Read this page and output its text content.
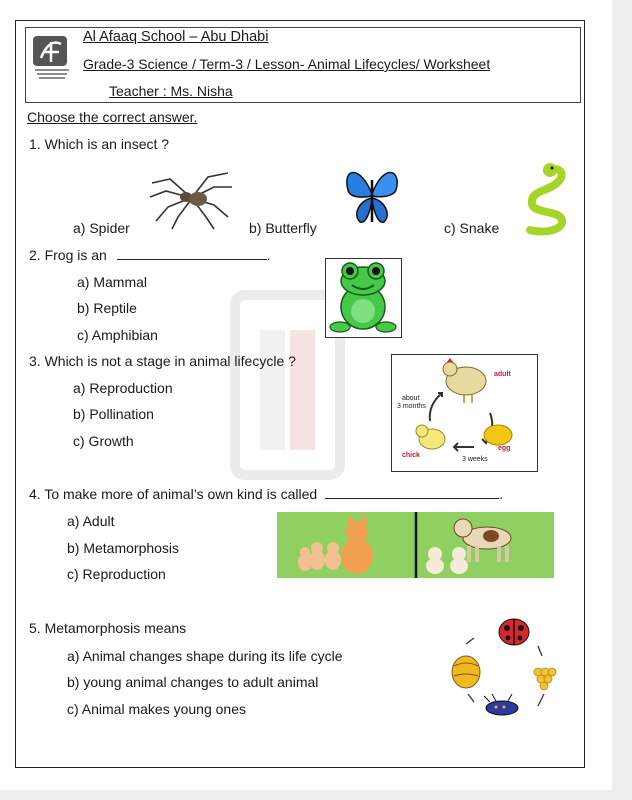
Al Afaaq School – Abu Dhabi
Grade-3 Science / Term-3 / Lesson- Animal Lifecycles/ Worksheet
Teacher : Ms. Nisha
Choose the correct answer.
1. Which is an insect ?
a) Spider	b) Butterfly	c) Snake
2. Frog is an	.
a) Mammal
b) Reptile
c) Amphibian
3. Which is not a stage in animal lifecycle ?
adult
about
3 months
egg
chick
3 weeks
a) Reproduction
b) Pollination
c) Growth
4. To make more of animal’s own kind is called	.
a) Adult
b) Metamorphosis
c) Reproduction
5. Metamorphosis means
a) Animal changes shape during its life cycle
b) young animal changes to adult animal
c) Animal makes young ones
